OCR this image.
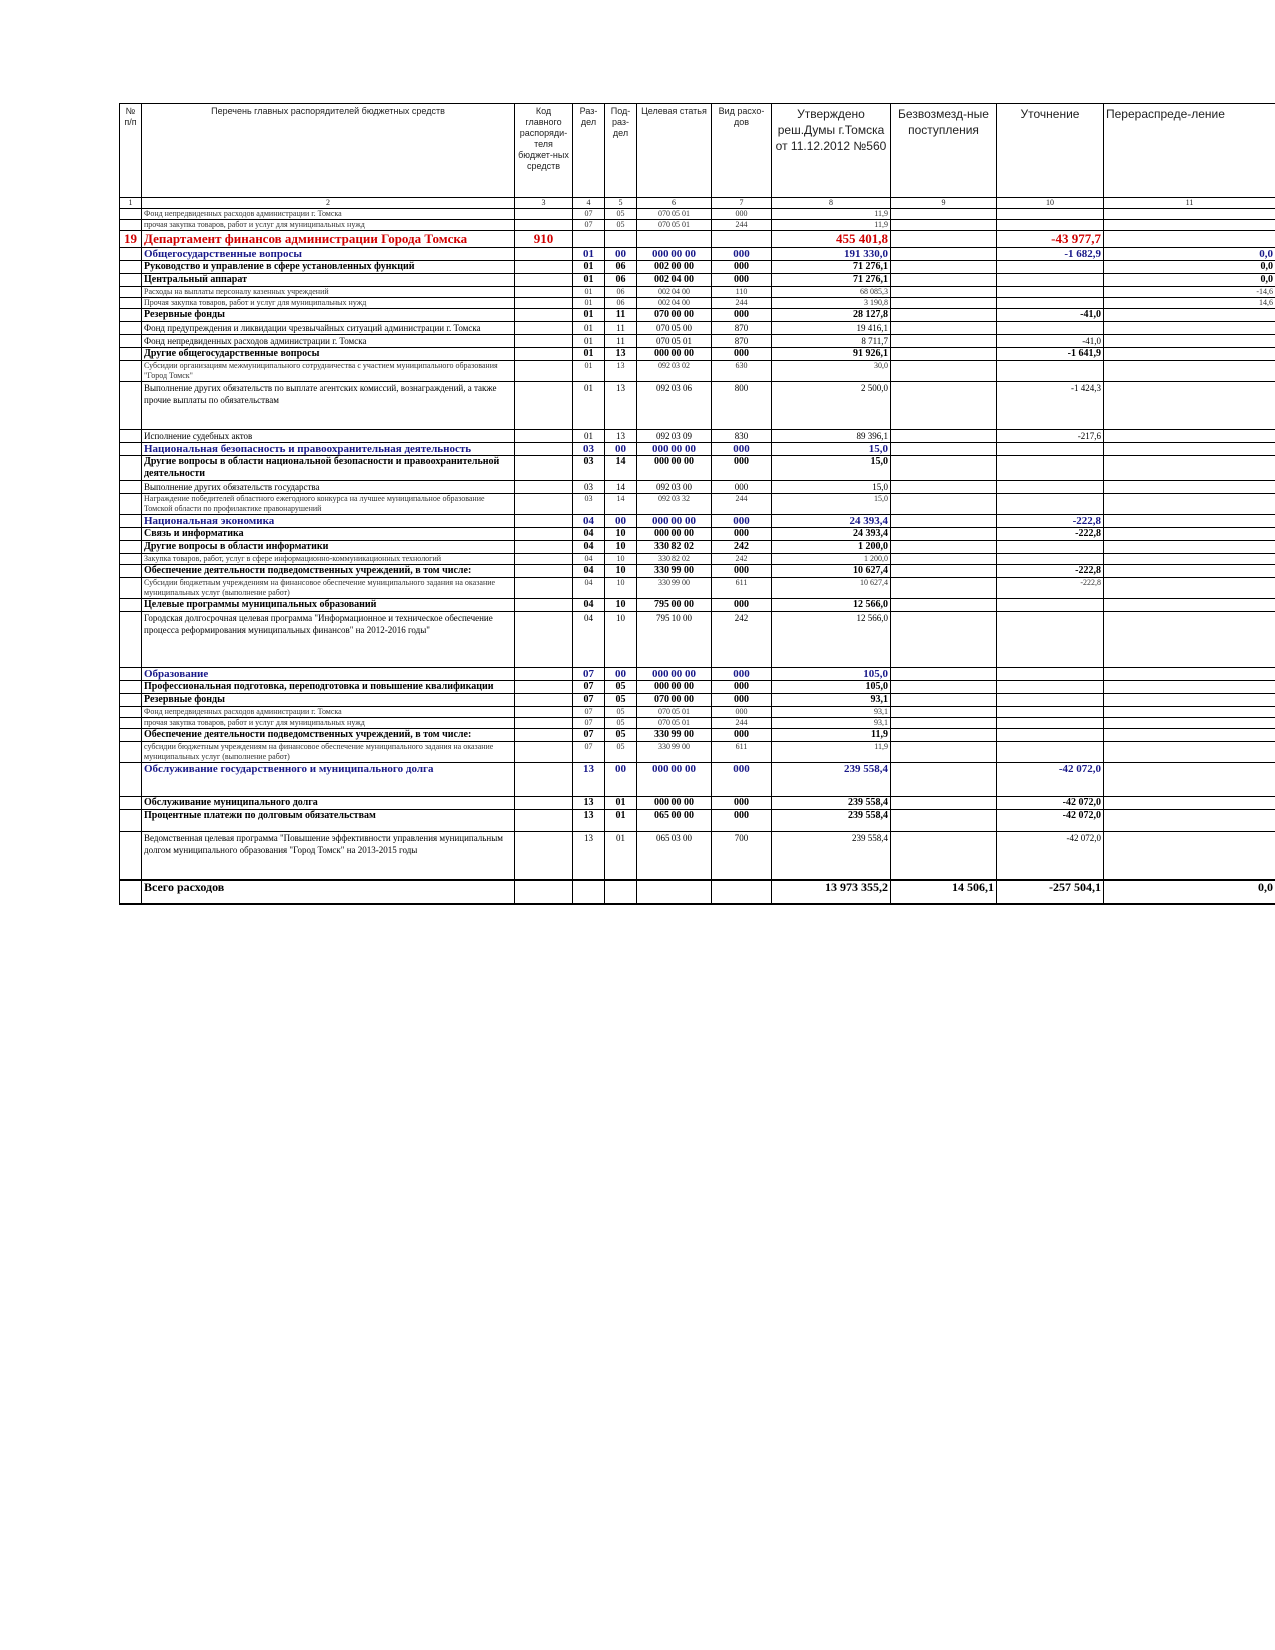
№ п/п	Перечень главных распорядителей бюджетных средств	Код главного распоряди-теля бюджет-ных средств	Раз-дел	Под-раз-дел	Целевая статья	Вид расхо-дов	Утверждено реш.Думы г.Томска от 11.12.2012 №560	Безвозмезд-ные поступления	Уточнение	Перераспреде-ление
1	2	3	4	5	6	7	8	9	10	11
	Фонд непредвиденных расходов администрации г. Томска		07	05	070 05 01	000	11,9			
	прочая закупка товаров, работ и услуг для муниципальных нужд		07	05	070 05 01	244	11,9			
19	Департамент финансов администрации Города Томска	910					455 401,8		-43 977,7	
	Общегосударственные вопросы		01	00	000 00 00	000	191 330,0		-1 682,9	0,0
	Руководство и управление в сфере установленных функций		01	06	002 00 00	000	71 276,1			0,0
	Центральный аппарат		01	06	002 04 00	000	71 276,1			0,0
	Расходы на выплаты персоналу казенных учреждений		01	06	002 04 00	110	68 085,3			-14,6
	Прочая закупка товаров, работ и услуг для муниципальных нужд		01	06	002 04 00	244	3 190,8			14,6
	Резервные фонды		01	11	070 00 00	000	28 127,8		-41,0	
	Фонд предупреждения и ликвидации чрезвычайных ситуаций администрации г. Томска		01	11	070 05 00	870	19 416,1			
	Фонд непредвиденных расходов администрации г. Томска		01	11	070 05 01	870	8 711,7		-41,0	
	Другие общегосударственные вопросы		01	13	000 00 00	000	91 926,1		-1 641,9	
	Субсидии организациям межмуниципального сотрудничества с участием муниципального образования "Город Томск"		01	13	092 03 02	630	30,0			
	Выполнение других обязательств по выплате агентских комиссий, вознаграждений, а также прочие выплаты по обязательствам		01	13	092 03 06	800	2 500,0		-1 424,3	
	Исполнение судебных актов		01	13	092 03 09	830	89 396,1		-217,6	
	Национальная безопасность и правоохранительная деятельность		03	00	000 00 00	000	15,0			
	Другие вопросы в области национальной безопасности и правоохранительной деятельности		03	14	000 00 00	000	15,0			
	Выполнение других обязательств государства		03	14	092 03 00	000	15,0			
	Награждение победителей областного ежегодного конкурса на лучшее муниципальное образование Томской области по профилактике правонарушений		03	14	092 03 32	244	15,0			
	Национальная экономика		04	00	000 00 00	000	24 393,4		-222,8	
	Связь и информатика		04	10	000 00 00	000	24 393,4		-222,8	
	Другие вопросы в области информатики		04	10	330 82 02	242	1 200,0			
	Закупка товаров, работ, услуг в сфере информационно-коммуникационных технологий		04	10	330 82 02	242	1 200,0			
	Обеспечение деятельности подведомственных учреждений, в том числе:		04	10	330 99 00	000	10 627,4		-222,8	
	Субсидии бюджетным учреждениям на финансовое обеспечение муниципального задания на оказание муниципальных услуг (выполнение работ)		04	10	330 99 00	611	10 627,4		-222,8	
	Целевые программы муниципальных образований		04	10	795 00 00	000	12 566,0			
	Городская долгосрочная целевая программа "Информационное и техническое обеспечение процесса реформирования муниципальных финансов" на 2012-2016 годы"		04	10	795 10 00	242	12 566,0			
	Образование		07	00	000 00 00	000	105,0			
	Профессиональная подготовка, переподготовка и повышение квалификации		07	05	000 00 00	000	105,0			
	Резервные фонды		07	05	070 00 00	000	93,1			
	Фонд непредвиденных расходов администрации г. Томска		07	05	070 05 01	000	93,1			
	прочая закупка товаров, работ и услуг для муниципальных нужд		07	05	070 05 01	244	93,1			
	Обеспечение деятельности подведомственных учреждений, в том числе:		07	05	330 99 00	000	11,9			
	субсидии бюджетным учреждениям на финансовое обеспечение муниципального задания на оказание муниципальных услуг (выполнение работ)		07	05	330 99 00	611	11,9			
	Обслуживание государственного и муниципального долга		13	00	000 00 00	000	239 558,4		-42 072,0	
	Обслуживание муниципального долга		13	01	000 00 00	000	239 558,4		-42 072,0	
	Процентные платежи по долговым обязательствам		13	01	065 00 00	000	239 558,4		-42 072,0	
	Ведомственная целевая программа "Повышение эффективности управления муниципальным долгом муниципального образования "Город Томск" на 2013-2015 годы		13	01	065 03 00	700	239 558,4		-42 072,0	
	Всего расходов						13 973 355,2	14 506,1	-257 504,1	0,0
